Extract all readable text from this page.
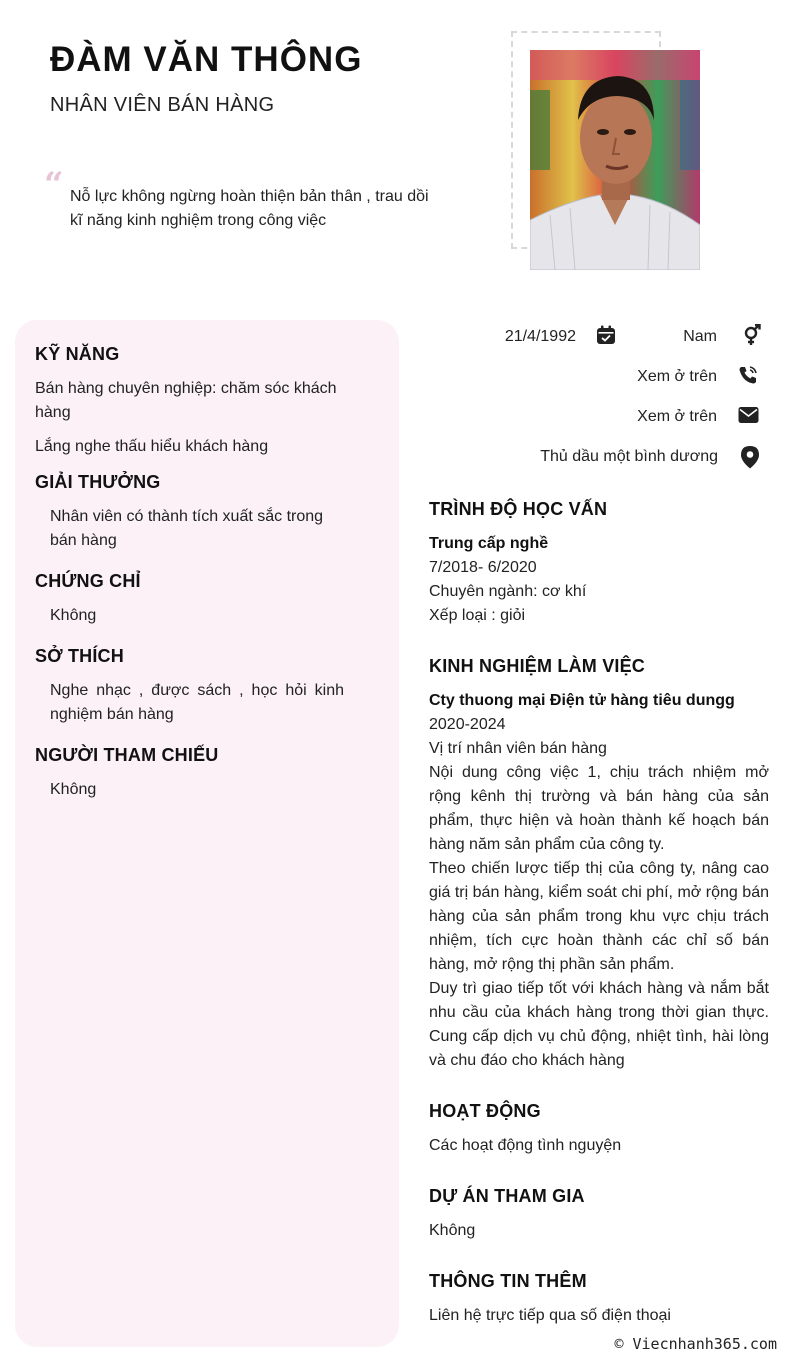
ĐÀM VĂN THÔNG
NHÂN VIÊN BÁN HÀNG
“ Nỗ lực không ngừng hoàn thiện bản thân , trau dồi kĩ năng kinh nghiệm trong công việc
KỸ NĂNG
Bán hàng chuyên nghiệp: chăm sóc khách hàng
Lắng nghe thấu hiểu khách hàng
GIẢI THƯỞNG
Nhân viên có thành tích xuất sắc trong bán hàng
CHỨNG CHỈ
Không
SỞ THÍCH
Nghe nhạc , được sách , học hỏi kinh nghiệm bán hàng
NGƯỜI THAM CHIẾU
Không
21/4/1992	Nam
Xem ở trên
Xem ở trên
Thủ dầu một bình dương
TRÌNH ĐỘ HỌC VẤN
Trung cấp nghề
7/2018- 6/2020
Chuyên ngành: cơ khí
Xếp loại : giỏi
KINH NGHIỆM LÀM VIỆC
Cty thuong mại Điện tử hàng tiêu dungg
2020-2024
Vị trí nhân viên bán hàng
Nội dung công việc 1, chịu trách nhiệm mở rộng kênh thị trường và bán hàng của sản phẩm, thực hiện và hoàn thành kế hoạch bán hàng năm sản phẩm của công ty.
Theo chiến lược tiếp thị của công ty, nâng cao giá trị bán hàng, kiểm soát chi phí, mở rộng bán hàng của sản phẩm trong khu vực chịu trách nhiệm, tích cực hoàn thành các chỉ số bán hàng, mở rộng thị phần sản phẩm.
Duy trì giao tiếp tốt với khách hàng và nắm bắt nhu cầu của khách hàng trong thời gian thực. Cung cấp dịch vụ chủ động, nhiệt tình, hài lòng và chu đáo cho khách hàng
HOẠT ĐỘNG
Các hoạt động tình nguyện
DỰ ÁN THAM GIA
Không
THÔNG TIN THÊM
Liên hệ trực tiếp qua số điện thoại
© Viecnhanh365.com
